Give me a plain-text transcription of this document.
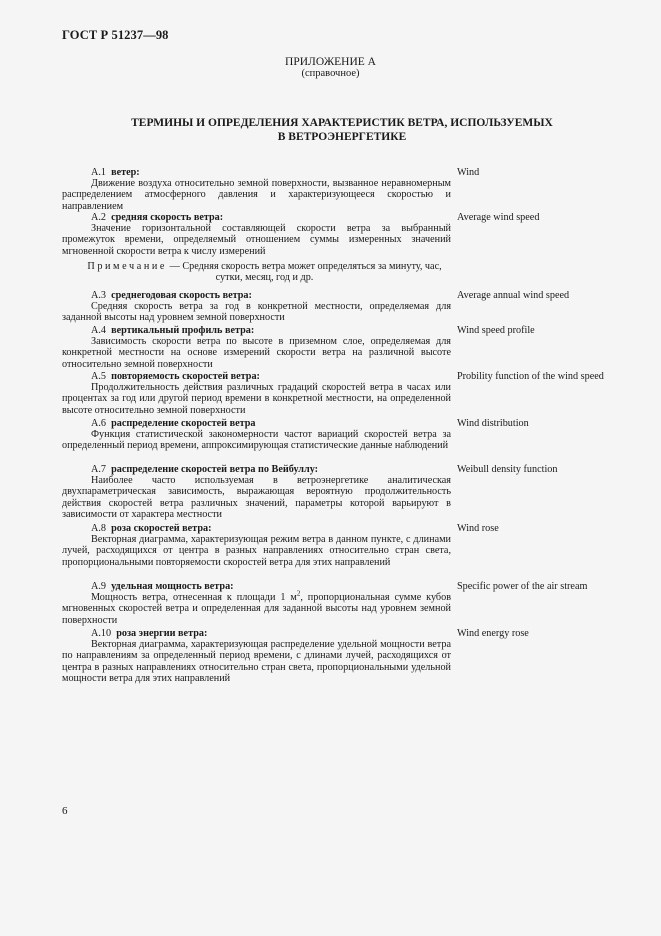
ГОСТ Р 51237—98
ПРИЛОЖЕНИЕ А
(справочное)
ТЕРМИНЫ И ОПРЕДЕЛЕНИЯ ХАРАКТЕРИСТИК ВЕТРА, ИСПОЛЬЗУЕМЫХ
В ВЕТРОЭНЕРГЕТИКЕ
А.1 ветер:
Движение воздуха относительно земной поверхности, вызванное неравномерным распределением атмосферного давления и характеризующееся скоростью и направлением
Wind
А.2 средняя скорость ветра:
Значение горизонтальной составляющей скорости ветра за выбранный промежуток времени, определяемый отношением суммы измеренных значений мгновенной скорости ветра к числу измерений
Примечание — Средняя скорость ветра может определяться за минуту, час, сутки, месяц, год и др.
Average wind speed
А.3 среднегодовая скорость ветра:
Средняя скорость ветра за год в конкретной местности, определяемая для заданной высоты над уровнем земной поверхности
Average annual wind speed
А.4 вертикальный профиль ветра:
Зависимость скорости ветра по высоте в приземном слое, определяемая для конкретной местности на основе измерений скорости ветра на различной высоте относительно земной поверхности
Wind speed profile
А.5 повторяемость скоростей ветра:
Продолжительность действия различных градаций скоростей ветра в часах или процентах за год или другой период времени в конкретной местности, на определенной высоте относительно земной поверхности
Probility function of the wind speed
А.6 распределение скоростей ветра
Функция статистической закономерности частот вариаций скоростей ветра за определенный период времени, аппроксимирующая статистические данные наблюдений
Wind distribution
А.7 распределение скоростей ветра по Вейбуллу:
Наиболее часто используемая в ветроэнергетике аналитическая двухпараметрическая зависимость, выражающая вероятную продолжительность действия скоростей ветра различных значений, параметры которой варьируют в зависимости от характера местности
Weibull density function
А.8 роза скоростей ветра:
Векторная диаграмма, характеризующая режим ветра в данном пункте, с длинами лучей, расходящихся от центра в разных направлениях относительно стран света, пропорциональными повторяемости скоростей ветра для этих направлений
Wind rose
А.9 удельная мощность ветра:
Мощность ветра, отнесенная к площади 1 $м^2$, пропорциональная сумме кубов мгновенных скоростей ветра и определенная для заданной высоты над уровнем земной поверхности
Specific power of the air stream
А.10 роза энергии ветра:
Векторная диаграмма, характеризующая распределение удельной мощности ветра по направлениям за определенный период времени, с длинами лучей, расходящихся от центра в разных направлениях относительно стран света, пропорциональными удельной мощности ветра для этих направлений
Wind energy rose
6
